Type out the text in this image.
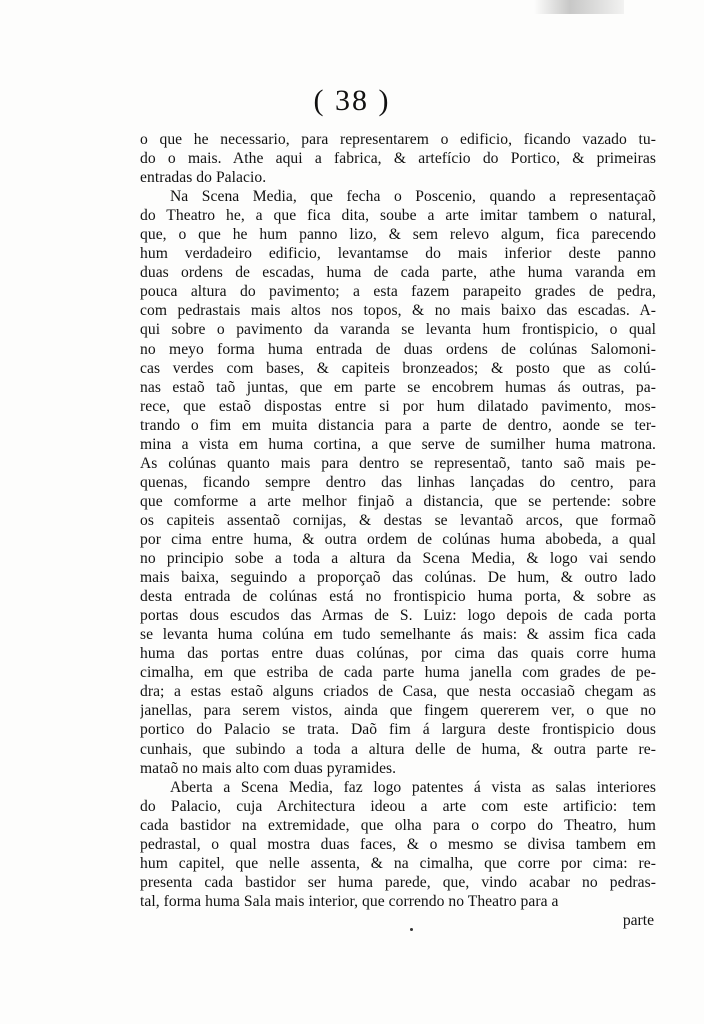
( 38 )

o que he necessario, para representarem o edificio, ficando vazado tu-
do o mais. Athe aqui a fabrica, & artefício do Portico, & primeiras
entradas do Palacio.

Na Scena Media, que fecha o Poscenio, quando a representaçaõ
do Theatro he, a que fica dita, soube a arte imitar tambem o natural,
que, o que he hum panno lizo, & sem relevo algum, fica parecendo
hum verdadeiro edificio, levantamse do mais inferior deste panno
duas ordens de escadas, huma de cada parte, athe huma varanda em
pouca altura do pavimento; a esta fazem parapeito grades de pedra,
com pedrastais mais altos nos topos, & no mais baixo das escadas. A-
qui sobre o pavimento da varanda se levanta hum frontispicio, o qual
no meyo forma huma entrada de duas ordens de colúnas Salomoni-
cas verdes com bases, & capiteis bronzeados; & posto que as colú-
nas estaõ taõ juntas, que em parte se encobrem humas ás outras, pa-
rece, que estaõ dispostas entre si por hum dilatado pavimento, mos-
trando o fim em muita distancia para a parte de dentro, aonde se ter-
mina a vista em huma cortina, a que serve de sumilher huma matrona.
As colúnas quanto mais para dentro se representaõ, tanto saõ mais pe-
quenas, ficando sempre dentro das linhas lançadas do centro, para
que comforme a arte melhor finjaõ a distancia, que se pertende: sobre
os capiteis assentaõ cornijas, & destas se levantaõ arcos, que formaõ
por cima entre huma, & outra ordem de colúnas huma abobeda, a qual
no principio sobe a toda a altura da Scena Media, & logo vai sendo
mais baixa, seguindo a proporçaõ das colúnas. De hum, & outro lado
desta entrada de colúnas está no frontispicio huma porta, & sobre as
portas dous escudos das Armas de S. Luiz: logo depois de cada porta
se levanta huma colúna em tudo semelhante ás mais: & assim fica cada
huma das portas entre duas colúnas, por cima das quais corre huma
cimalha, em que estriba de cada parte huma janella com grades de pe-
dra; a estas estaõ alguns criados de Casa, que nesta occasiaõ chegam as
janellas, para serem vistos, ainda que fingem quererem ver, o que no
portico do Palacio se trata. Daõ fim á largura deste frontispicio dous
cunhais, que subindo a toda a altura delle de huma, & outra parte re-
mataõ no mais alto com duas pyramides.

Aberta a Scena Media, faz logo patentes á vista as salas interiores
do Palacio, cuja Architectura ideou a arte com este artificio: tem
cada bastidor na extremidade, que olha para o corpo do Theatro, hum
pedrastal, o qual mostra duas faces, & o mesmo se divisa tambem em
hum capitel, que nelle assenta, & na cimalha, que corre por cima: re-
presenta cada bastidor ser huma parede, que, vindo acabar no pedras-
tal, forma huma Sala mais interior, que correndo no Theatro para a

parte
